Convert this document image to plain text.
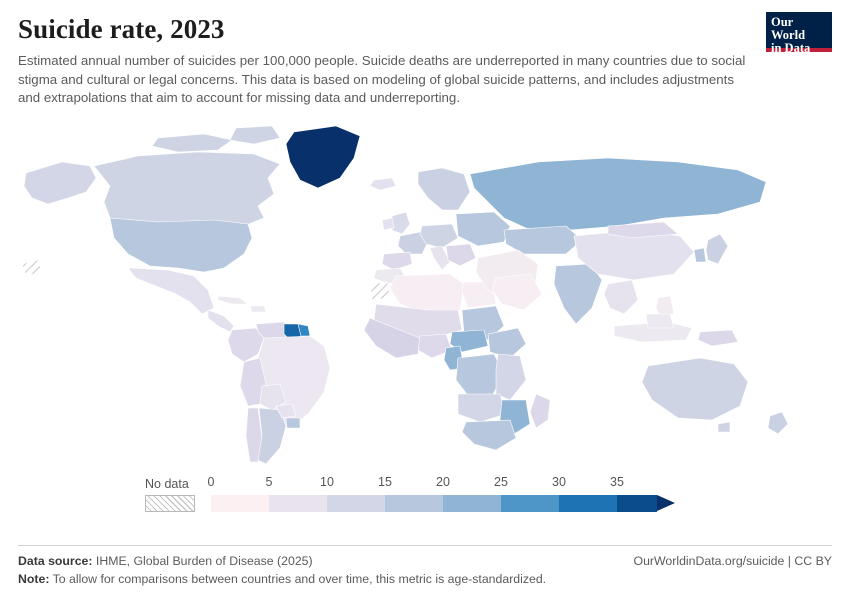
Suicide rate, 2023

Estimated annual number of suicides per 100,000 people. Suicide deaths are underreported in many countries due to social stigma and cultural or legal concerns. This data is based on modeling of global suicide patterns, and includes adjustments and extrapolations that aim to account for missing data and underreporting.

Our World
in Data
No data 0	5	10	15	20	25	30	35
Data source: IHME, Global Burden of Disease (2025)	OurWorldinData.org/suicide | CC BY
Note: To allow for comparisons between countries and over time, this metric is age-standardized.
